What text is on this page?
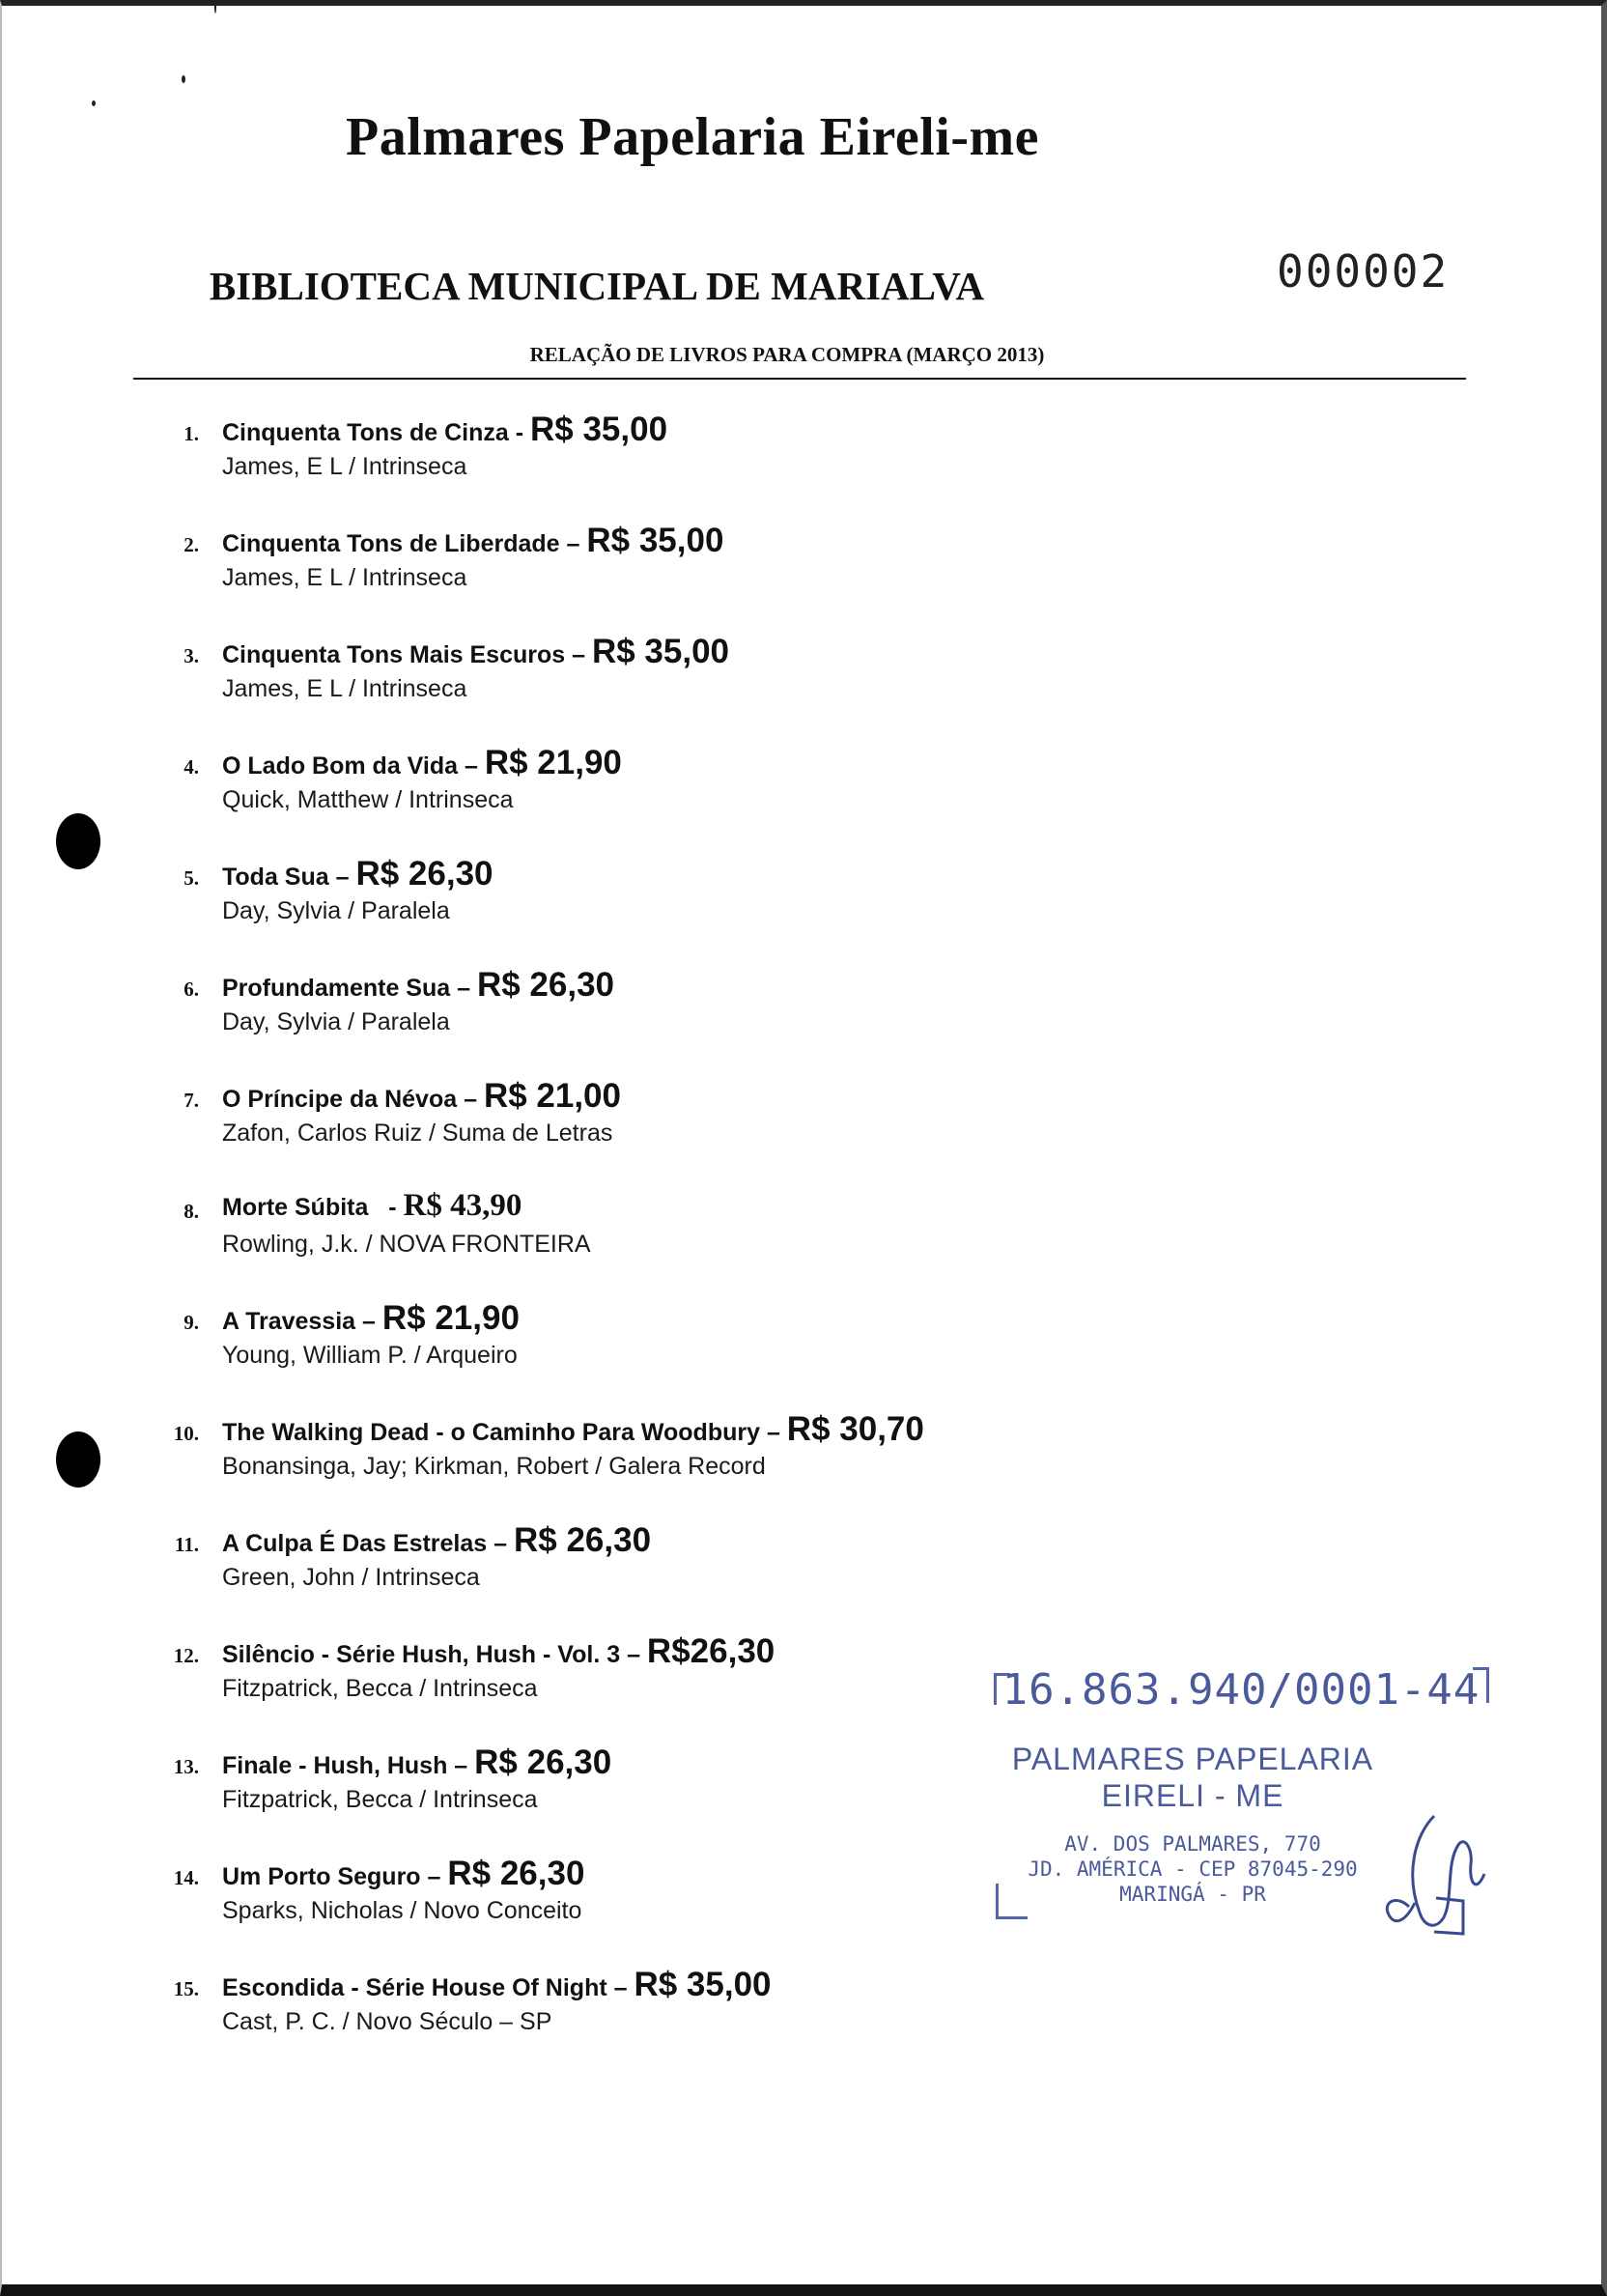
Palmares Papelaria Eireli-me
BIBLIOTECA MUNICIPAL DE MARIALVA	000002
RELAÇÃO DE LIVROS PARA COMPRA (MARÇO 2013)
1. Cinquenta Tons de Cinza - R$ 35,00
James, E L / Intrinseca
2. Cinquenta Tons de Liberdade – R$ 35,00
James, E L / Intrinseca
3. Cinquenta Tons Mais Escuros – R$ 35,00
James, E L / Intrinseca
4. O Lado Bom da Vida – R$ 21,90
Quick, Matthew / Intrinseca
5. Toda Sua – R$ 26,30
Day, Sylvia / Paralela
6. Profundamente Sua – R$ 26,30
Day, Sylvia / Paralela
7. O Príncipe da Névoa – R$ 21,00
Zafon, Carlos Ruiz / Suma de Letras
8. Morte Súbita   - R$ 43,90
Rowling, J.k. / NOVA FRONTEIRA
9. A Travessia – R$ 21,90
Young, William P. / Arqueiro
10. The Walking Dead - o Caminho Para Woodbury – R$ 30,70
Bonansinga, Jay; Kirkman, Robert / Galera Record
11. A Culpa É Das Estrelas – R$ 26,30
Green, John / Intrinseca
12. Silêncio - Série Hush, Hush - Vol. 3 – R$26,30
Fitzpatrick, Becca / Intrinseca
13. Finale - Hush, Hush – R$ 26,30
Fitzpatrick, Becca / Intrinseca
14. Um Porto Seguro – R$ 26,30
Sparks, Nicholas / Novo Conceito
15. Escondida - Série House Of Night – R$ 35,00
Cast, P. C. / Novo Século – SP
16.863.940/0001-44
PALMARES PAPELARIA
EIRELI - ME
AV. DOS PALMARES, 770
JD. AMÉRICA - CEP 87045-290
MARINGÁ - PR
